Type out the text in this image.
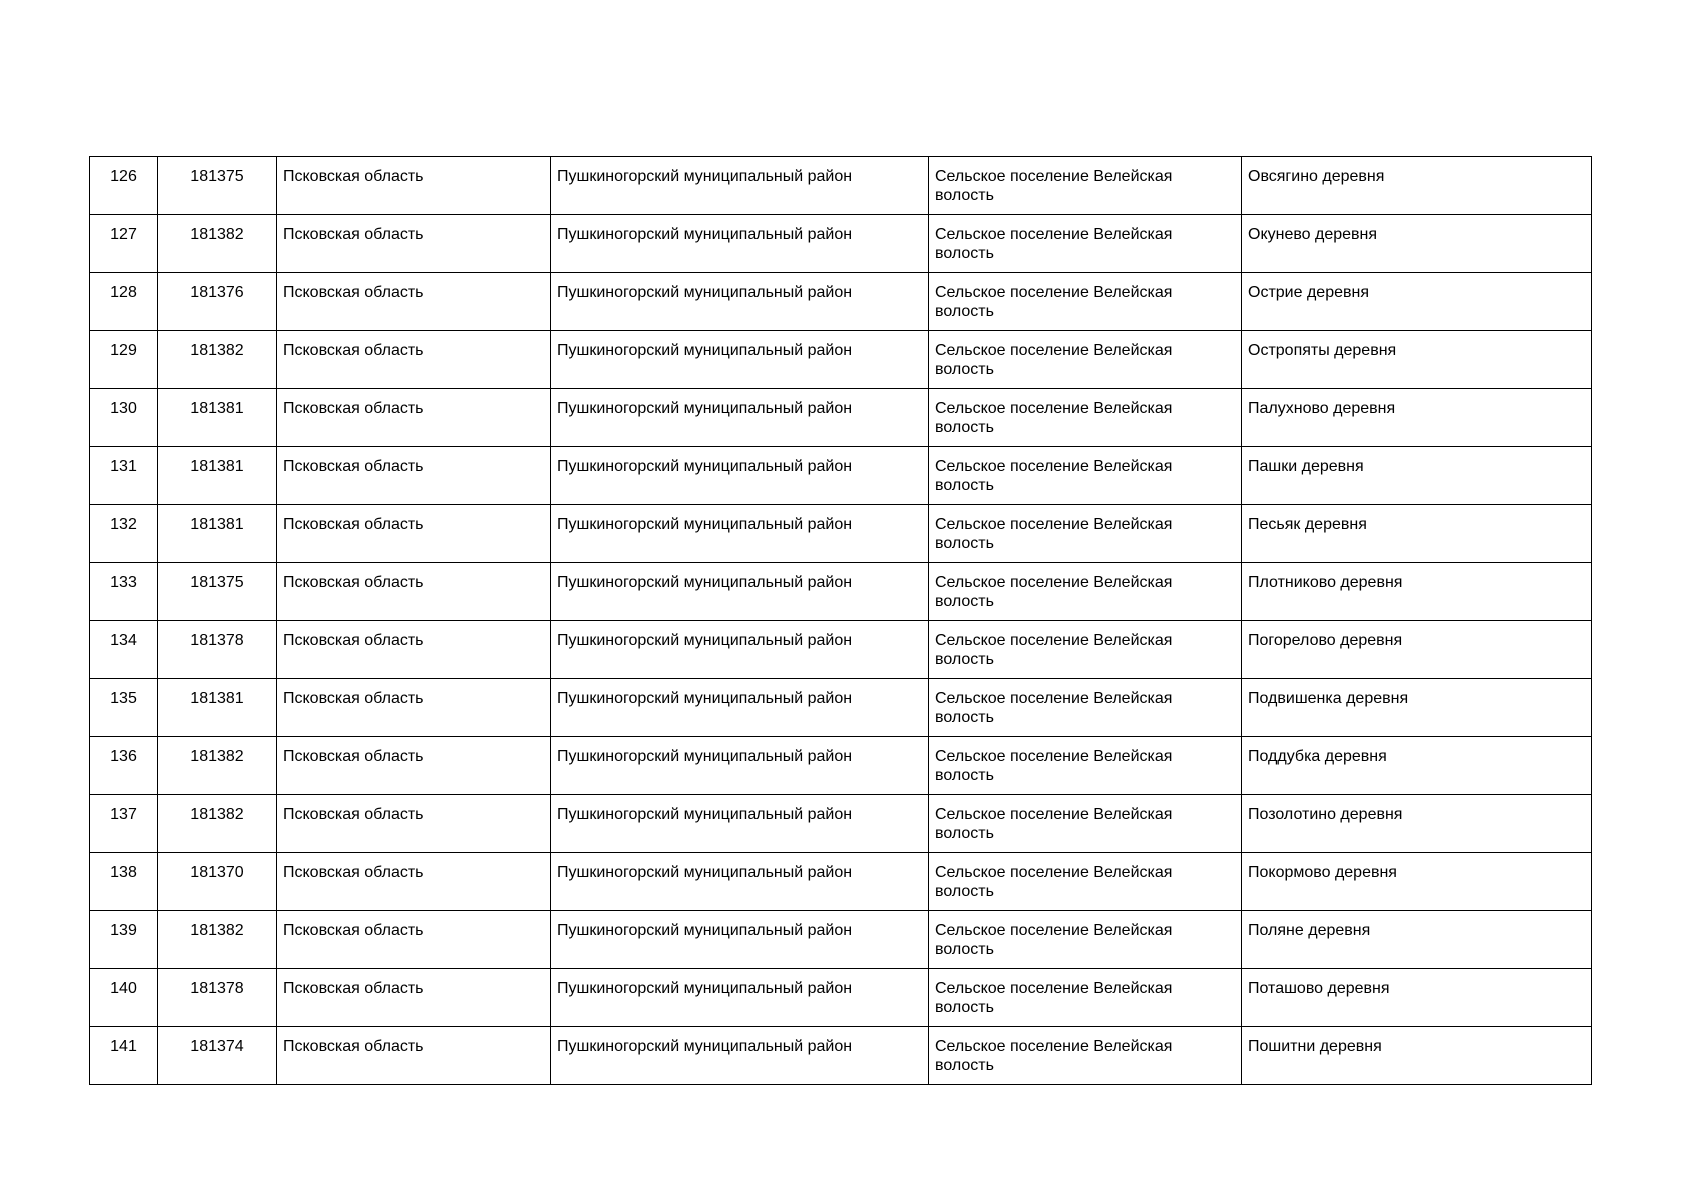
126	181375	Псковская область	Пушкиногорский муниципальный район	Сельское поселение Велейская волость	Овсягино деревня
127	181382	Псковская область	Пушкиногорский муниципальный район	Сельское поселение Велейская волость	Окунево деревня
128	181376	Псковская область	Пушкиногорский муниципальный район	Сельское поселение Велейская волость	Острие деревня
129	181382	Псковская область	Пушкиногорский муниципальный район	Сельское поселение Велейская волость	Остропяты деревня
130	181381	Псковская область	Пушкиногорский муниципальный район	Сельское поселение Велейская волость	Палухново деревня
131	181381	Псковская область	Пушкиногорский муниципальный район	Сельское поселение Велейская волость	Пашки деревня
132	181381	Псковская область	Пушкиногорский муниципальный район	Сельское поселение Велейская волость	Песьяк деревня
133	181375	Псковская область	Пушкиногорский муниципальный район	Сельское поселение Велейская волость	Плотниково деревня
134	181378	Псковская область	Пушкиногорский муниципальный район	Сельское поселение Велейская волость	Погорелово деревня
135	181381	Псковская область	Пушкиногорский муниципальный район	Сельское поселение Велейская волость	Подвишенка деревня
136	181382	Псковская область	Пушкиногорский муниципальный район	Сельское поселение Велейская волость	Поддубка деревня
137	181382	Псковская область	Пушкиногорский муниципальный район	Сельское поселение Велейская волость	Позолотино деревня
138	181370	Псковская область	Пушкиногорский муниципальный район	Сельское поселение Велейская волость	Покормово деревня
139	181382	Псковская область	Пушкиногорский муниципальный район	Сельское поселение Велейская волость	Поляне деревня
140	181378	Псковская область	Пушкиногорский муниципальный район	Сельское поселение Велейская волость	Поташово деревня
141	181374	Псковская область	Пушкиногорский муниципальный район	Сельское поселение Велейская волость	Пошитни деревня
